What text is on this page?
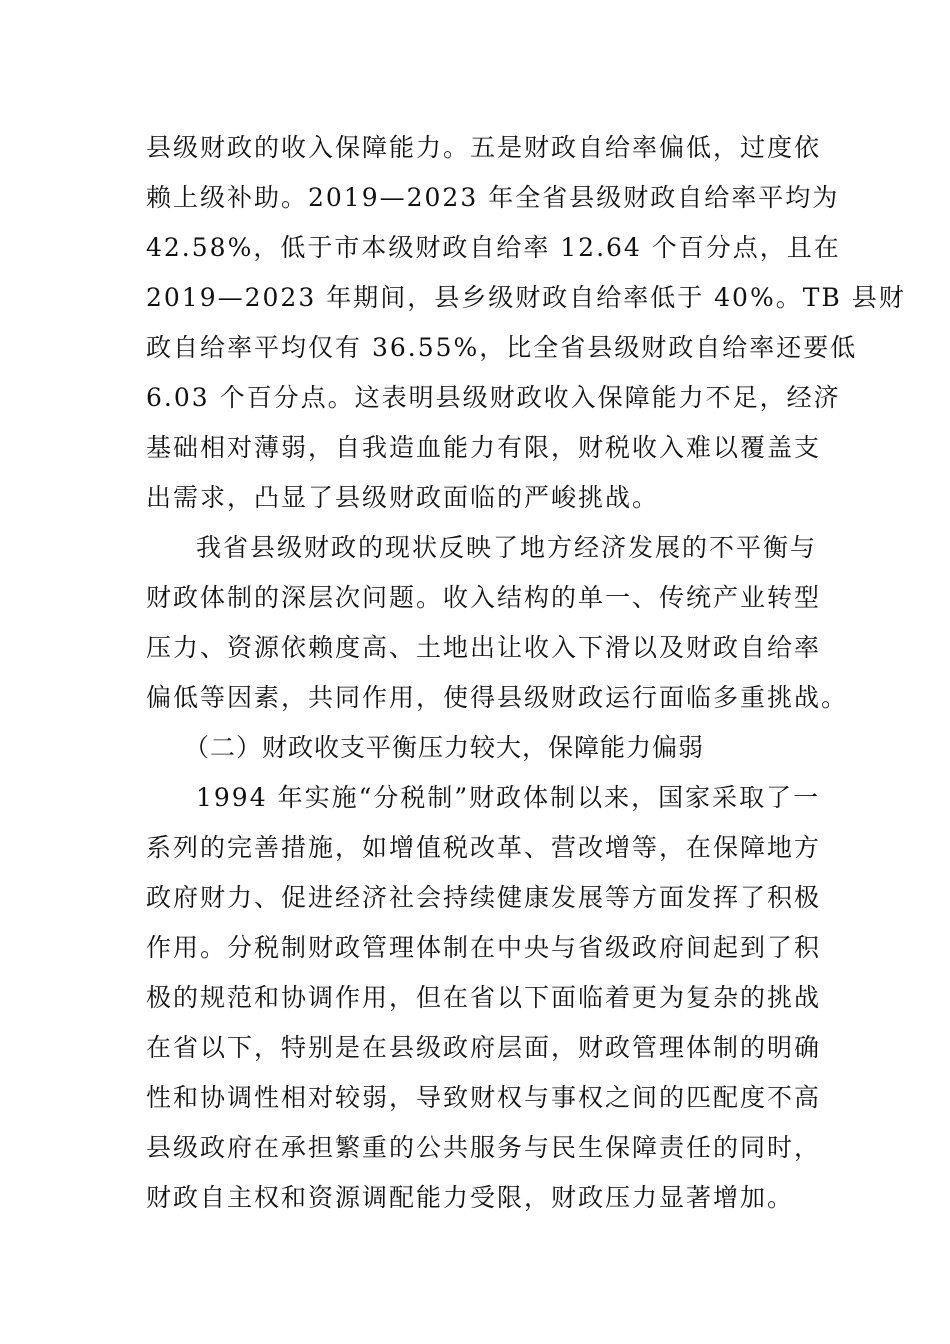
县级财政的收入保障能力。五是财政自给率偏低，过度依
赖上级补助。2019—2023 年全省县级财政自给率平均为
42.58%，低于市本级财政自给率 12.64 个百分点，且在
2019—2023 年期间，县乡级财政自给率低于 40%。TB 县财
政自给率平均仅有 36.55%，比全省县级财政自给率还要低
6.03 个百分点。这表明县级财政收入保障能力不足，经济
基础相对薄弱，自我造血能力有限，财税收入难以覆盖支
出需求，凸显了县级财政面临的严峻挑战。
我省县级财政的现状反映了地方经济发展的不平衡与
财政体制的深层次问题。收入结构的单一、传统产业转型
压力、资源依赖度高、土地出让收入下滑以及财政自给率
偏低等因素，共同作用，使得县级财政运行面临多重挑战。
（二）财政收支平衡压力较大，保障能力偏弱
1994 年实施“分税制”财政体制以来，国家采取了一
系列的完善措施，如增值税改革、营改增等，在保障地方
政府财力、促进经济社会持续健康发展等方面发挥了积极
作用。分税制财政管理体制在中央与省级政府间起到了积
极的规范和协调作用，但在省以下面临着更为复杂的挑战
在省以下，特别是在县级政府层面，财政管理体制的明确
性和协调性相对较弱，导致财权与事权之间的匹配度不高
县级政府在承担繁重的公共服务与民生保障责任的同时，
财政自主权和资源调配能力受限，财政压力显著增加。
